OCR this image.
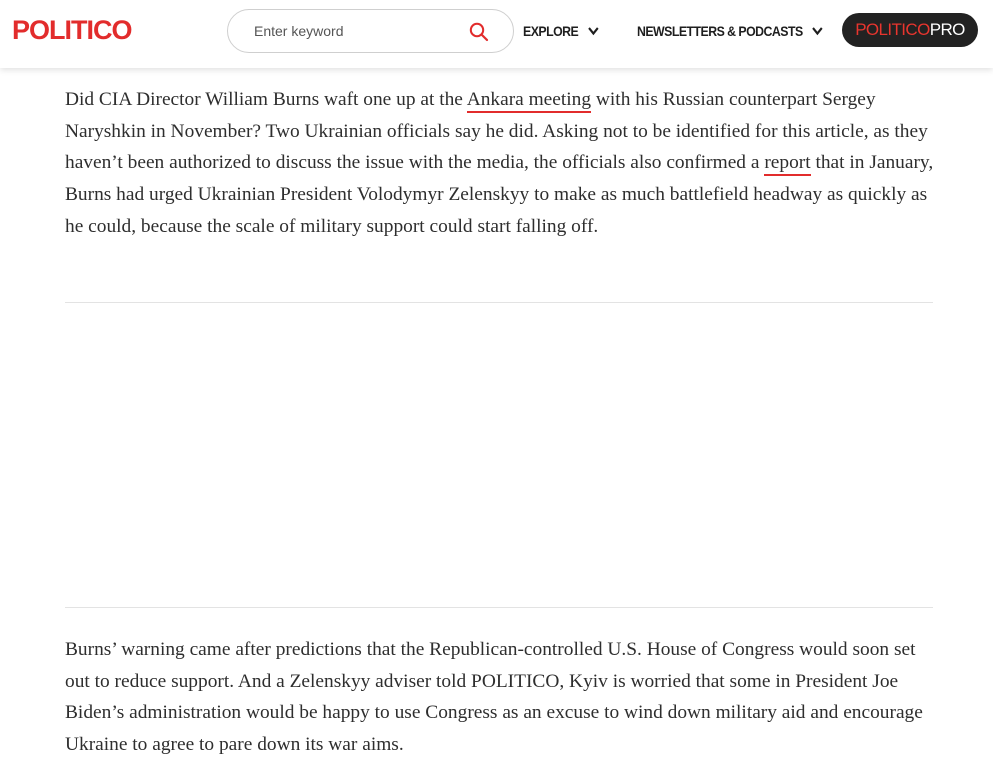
POLITICO
Enter keyword	EXPLORE	NEWSLETTERS & PODCASTS	POLITICO PRO

Did CIA Director William Burns waft one up at the Ankara meeting with his Russian counterpart Sergey Naryshkin in November? Two Ukrainian officials say he did. Asking not to be identified for this article, as they haven’t been authorized to discuss the issue with the media, the officials also confirmed a report that in January, Burns had urged Ukrainian President Volodymyr Zelenskyy to make as much battlefield headway as quickly as he could, because the scale of military support could start falling off.

Burns’ warning came after predictions that the Republican-controlled U.S. House of Congress would soon set out to reduce support. And a Zelenskyy adviser told POLITICO, Kyiv is worried that some in President Joe Biden’s administration would be happy to use Congress as an excuse to wind down military aid and encourage Ukraine to agree to pare down its war aims.
